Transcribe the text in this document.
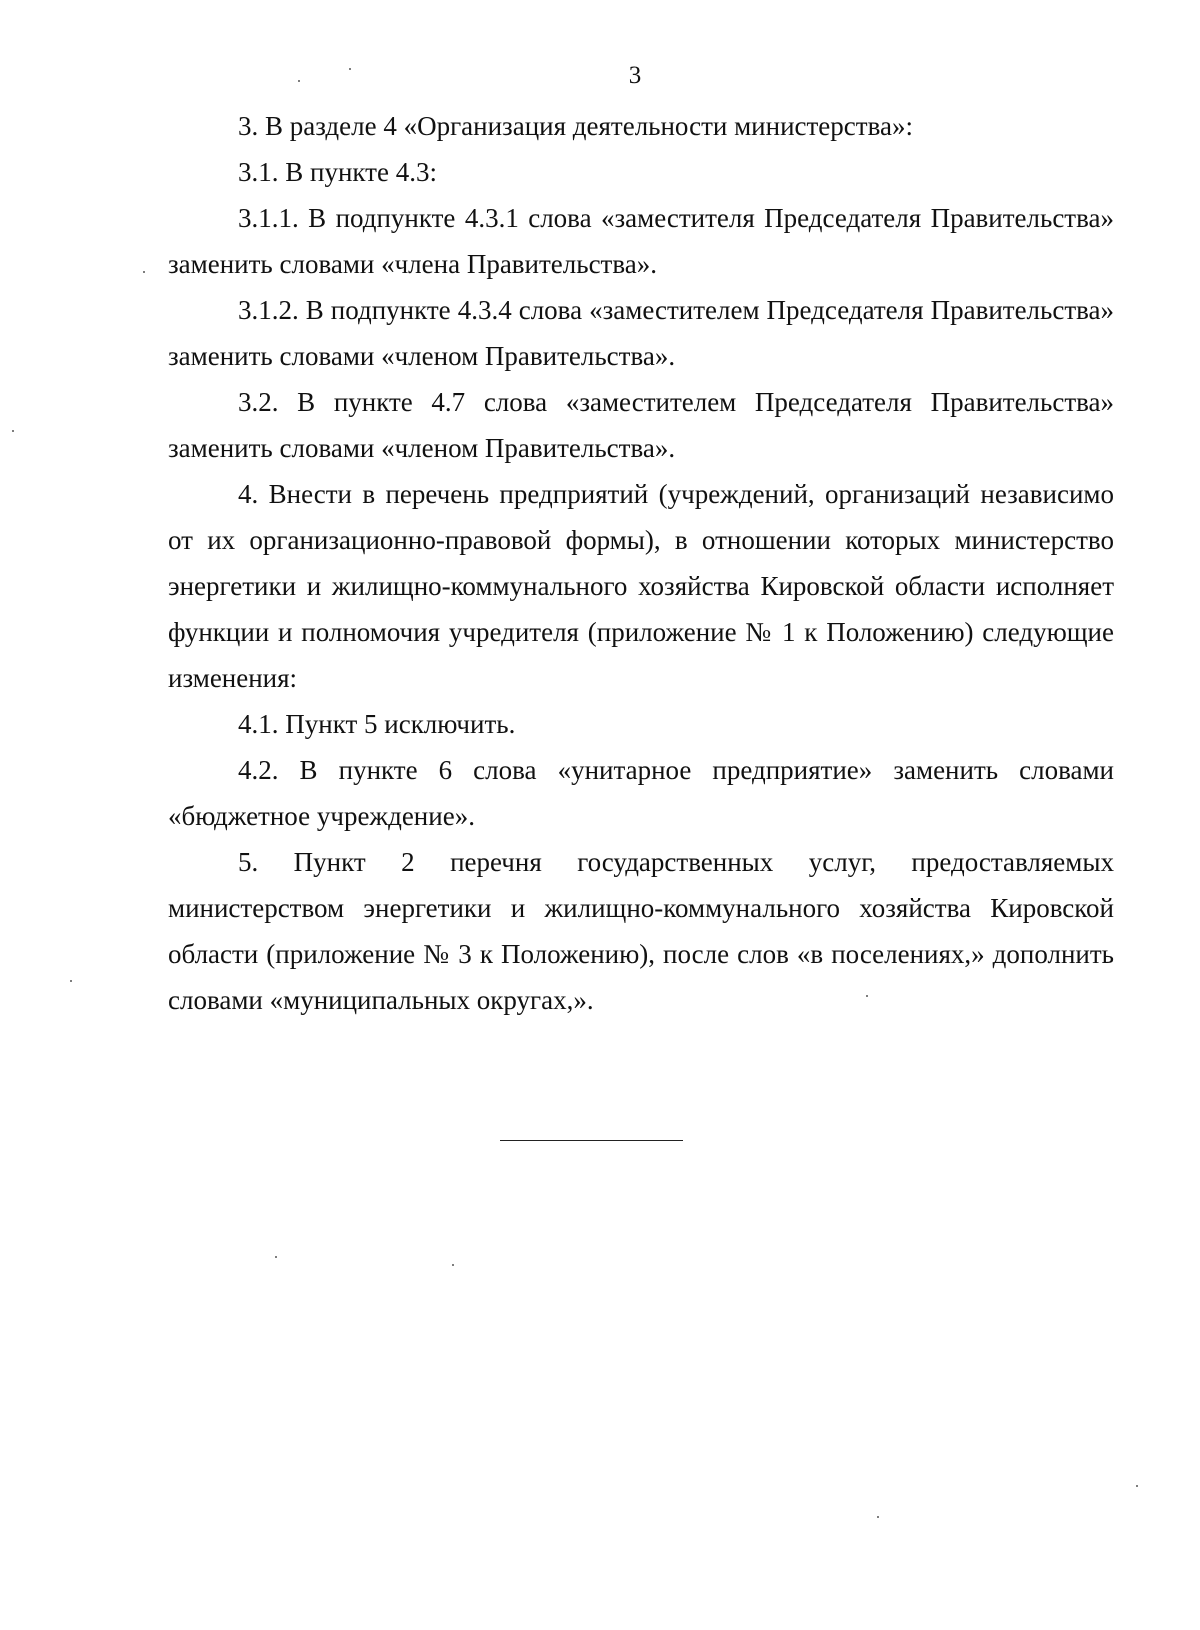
3

3. В разделе 4 «Организация деятельности министерства»:

3.1. В пункте 4.3:

3.1.1. В подпункте 4.3.1 слова «заместителя Председателя Правительства» заменить словами «члена Правительства».

3.1.2. В подпункте 4.3.4 слова «заместителем Председателя Правительства» заменить словами «членом Правительства».

3.2. В пункте 4.7 слова «заместителем Председателя Правительства» заменить словами «членом Правительства».

4. Внести в перечень предприятий (учреждений, организаций независимо от их организационно-правовой формы), в отношении которых министерство энергетики и жилищно-коммунального хозяйства Кировской области исполняет функции и полномочия учредителя (приложение № 1 к Положению) следующие изменения:

4.1. Пункт 5 исключить.

4.2. В пункте 6 слова «унитарное предприятие» заменить словами «бюджетное учреждение».

5. Пункт 2 перечня государственных услуг, предоставляемых министерством энергетики и жилищно-коммунального хозяйства Кировской области (приложение № 3 к Положению), после слов «в поселениях,» дополнить словами «муниципальных округах,».
